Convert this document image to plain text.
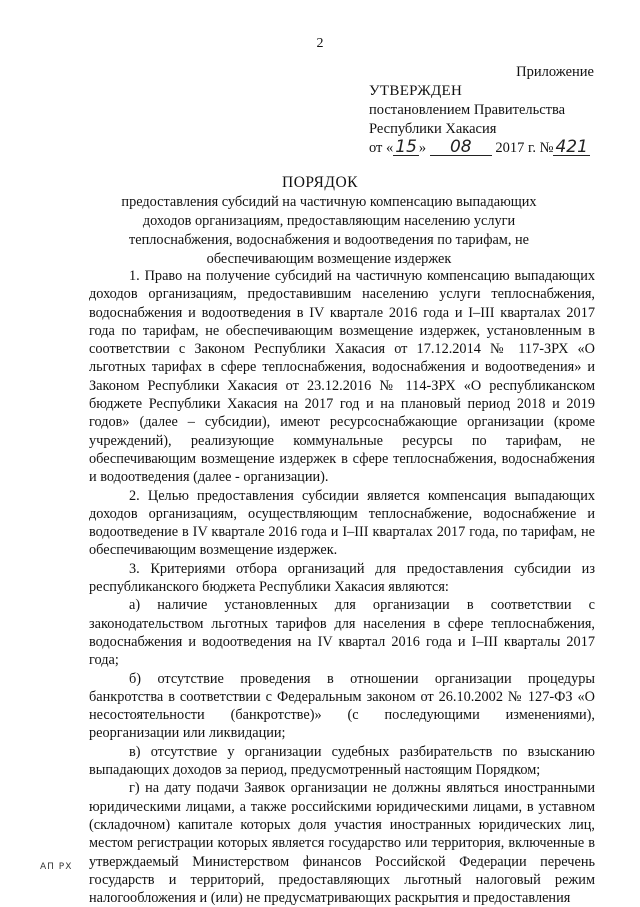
2
Приложение
УТВЕРЖДЕН
постановлением Правительства
Республики Хакасия
от « 15 » 08 2017 г. № 421
ПОРЯДОК
предоставления субсидий на частичную компенсацию выпадающих доходов организациям, предоставляющим населению услуги теплоснабжения, водоснабжения и водоотведения по тарифам, не обеспечивающим возмещение издержек

1. Право на получение субсидий на частичную компенсацию выпадающих доходов организациям, предоставившим населению услуги теплоснабжения, водоснабжения и водоотведения в IV квартале 2016 года и I–III кварталах 2017 года по тарифам, не обеспечивающим возмещение издержек, установленным в соответствии с Законом Республики Хакасия от 17.12.2014 № 117-ЗРХ «О льготных тарифах в сфере теплоснабжения, водоснабжения и водоотведения» и Законом Республики Хакасия от 23.12.2016 № 114-ЗРХ «О республиканском бюджете Республики Хакасия на 2017 год и на плановый период 2018 и 2019 годов» (далее – субсидии), имеют ресурсоснабжающие организации (кроме учреждений), реализующие коммунальные ресурсы по тарифам, не обеспечивающим возмещение издержек в сфере теплоснабжения, водоснабжения и водоотведения (далее - организации).

2. Целью предоставления субсидии является компенсация выпадающих доходов организациям, осуществляющим теплоснабжение, водоснабжение и водоотведение в IV квартале 2016 года и I–III кварталах 2017 года, по тарифам, не обеспечивающим возмещение издержек.

3. Критериями отбора организаций для предоставления субсидии из республиканского бюджета Республики Хакасия являются:

а) наличие установленных для организации в соответствии с законодательством льготных тарифов для населения в сфере теплоснабжения, водоснабжения и водоотведения на IV квартал 2016 года и I–III кварталы 2017 года;

б) отсутствие проведения в отношении организации процедуры банкротства в соответствии с Федеральным законом от 26.10.2002 № 127-ФЗ «О несостоятельности (банкротстве)» (с последующими изменениями), реорганизации или ликвидации;

в) отсутствие у организации судебных разбирательств по взысканию выпадающих доходов за период, предусмотренный настоящим Порядком;

г) на дату подачи Заявок организации не должны являться иностранными юридическими лицами, а также российскими юридическими лицами, в уставном (складочном) капитале которых доля участия иностранных юридических лиц, местом регистрации которых является государство или территория, включенные в утверждаемый Министерством финансов Российской Федерации перечень государств и территорий, предоставляющих льготный налоговый режим налогообложения и (или) не предусматривающих раскрытия и предоставления

АП РХ
